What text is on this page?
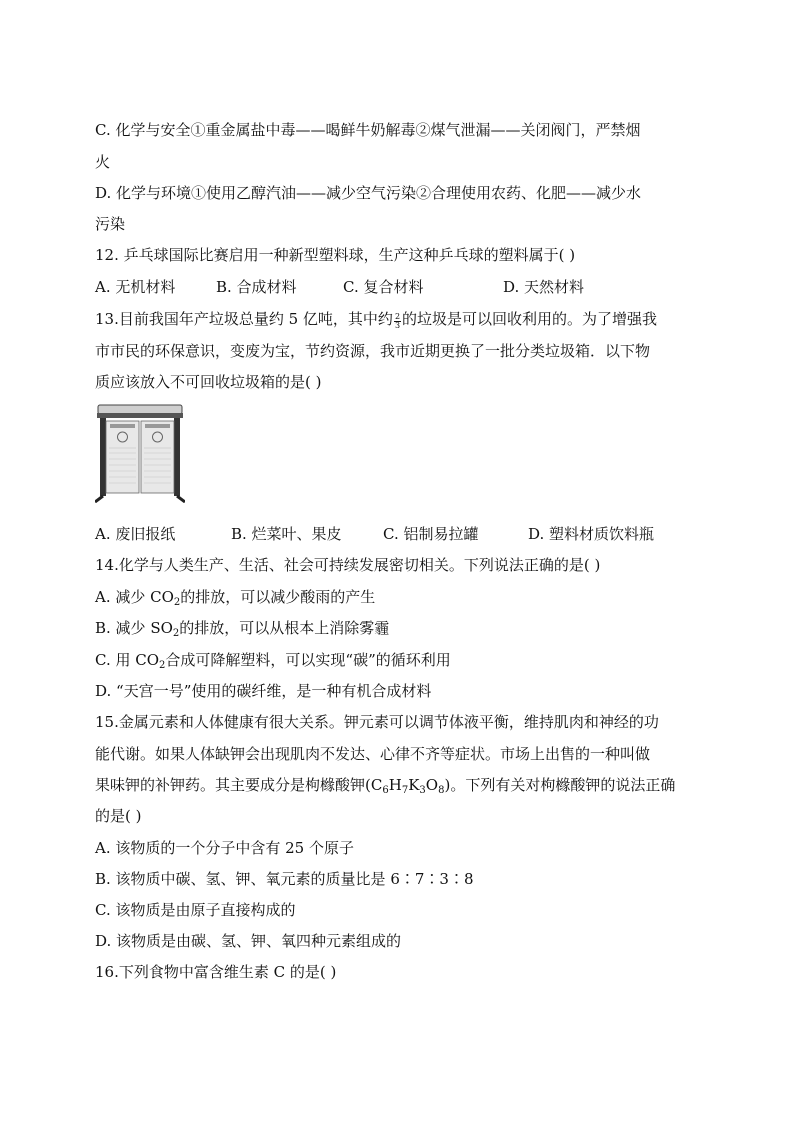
C. 化学与安全①重金属盐中毒——喝鲜牛奶解毒②煤气泄漏——关闭阀门，严禁烟
火
D. 化学与环境①使用乙醇汽油——减少空气污染②合理使用农药、化肥——减少水
污染
12. 乒乓球国际比赛启用一种新型塑料球，生产这种乒乓球的塑料属于( )
A. 无机材料	B. 合成材料	C. 复合材料	D. 天然材料
13.目前我国年产垃圾总量约 5 亿吨，其中约 $\frac{2}{3}$ 的垃圾是可以回收利用的。为了增强我
市市民的环保意识，变废为宝，节约资源，我市近期更换了一批分类垃圾箱．以下物
质应该放入不可回收垃圾箱的是( )
A. 废旧报纸	B. 烂菜叶、果皮	C. 铝制易拉罐	D. 塑料材质饮料瓶
14.化学与人类生产、生活、社会可持续发展密切相关。下列说法正确的是( )
A. 减少 $CO_2$的排放，可以减少酸雨的产生
B. 减少 $SO_2$的排放，可以从根本上消除雾霾
C. 用 $CO_2$合成可降解塑料，可以实现“碳”的循环利用
D. “天宫一号”使用的碳纤维，是一种有机合成材料
15.金属元素和人体健康有很大关系。钾元素可以调节体液平衡，维持肌肉和神经的功
能代谢。如果人体缺钾会出现肌肉不发达、心律不齐等症状。市场上出售的一种叫做
果味钾的补钾药。其主要成分是枸橼酸钾$(C_6H_7K_3O_8)$。下列有关对枸橼酸钾的说法正确
的是( )
A. 该物质的一个分子中含有 25 个原子
B. 该物质中碳、氢、钾、氧元素的质量比是 6∶7∶3∶8
C. 该物质是由原子直接构成的
D. 该物质是由碳、氢、钾、氧四种元素组成的
16.下列食物中富含维生素 C 的是( )
